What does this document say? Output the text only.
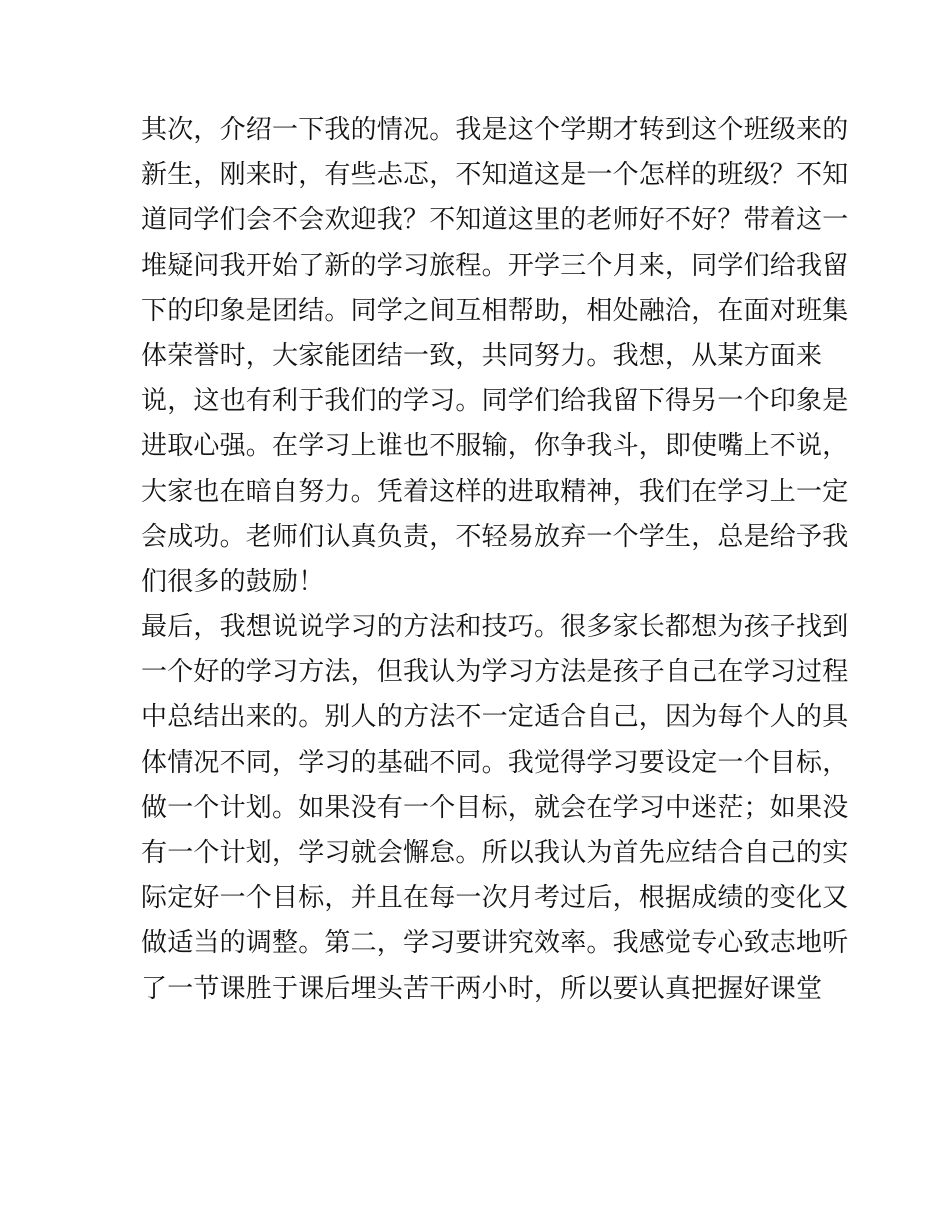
其次，介绍一下我的情况。我是这个学期才转到这个班级来的
新生，刚来时，有些忐忑，不知道这是一个怎样的班级？不知
道同学们会不会欢迎我？不知道这里的老师好不好？带着这一
堆疑问我开始了新的学习旅程。开学三个月来，同学们给我留
下的印象是团结。同学之间互相帮助，相处融洽，在面对班集
体荣誉时，大家能团结一致，共同努力。我想，从某方面来
说，这也有利于我们的学习。同学们给我留下得另一个印象是
进取心强。在学习上谁也不服输，你争我斗，即使嘴上不说，
大家也在暗自努力。凭着这样的进取精神，我们在学习上一定
会成功。老师们认真负责，不轻易放弃一个学生，总是给予我
们很多的鼓励！
最后，我想说说学习的方法和技巧。很多家长都想为孩子找到
一个好的学习方法，但我认为学习方法是孩子自己在学习过程
中总结出来的。别人的方法不一定适合自己，因为每个人的具
体情况不同，学习的基础不同。我觉得学习要设定一个目标，
做一个计划。如果没有一个目标，就会在学习中迷茫；如果没
有一个计划，学习就会懈怠。所以我认为首先应结合自己的实
际定好一个目标，并且在每一次月考过后，根据成绩的变化又
做适当的调整。第二，学习要讲究效率。我感觉专心致志地听
了一节课胜于课后埋头苦干两小时，所以要认真把握好课堂
